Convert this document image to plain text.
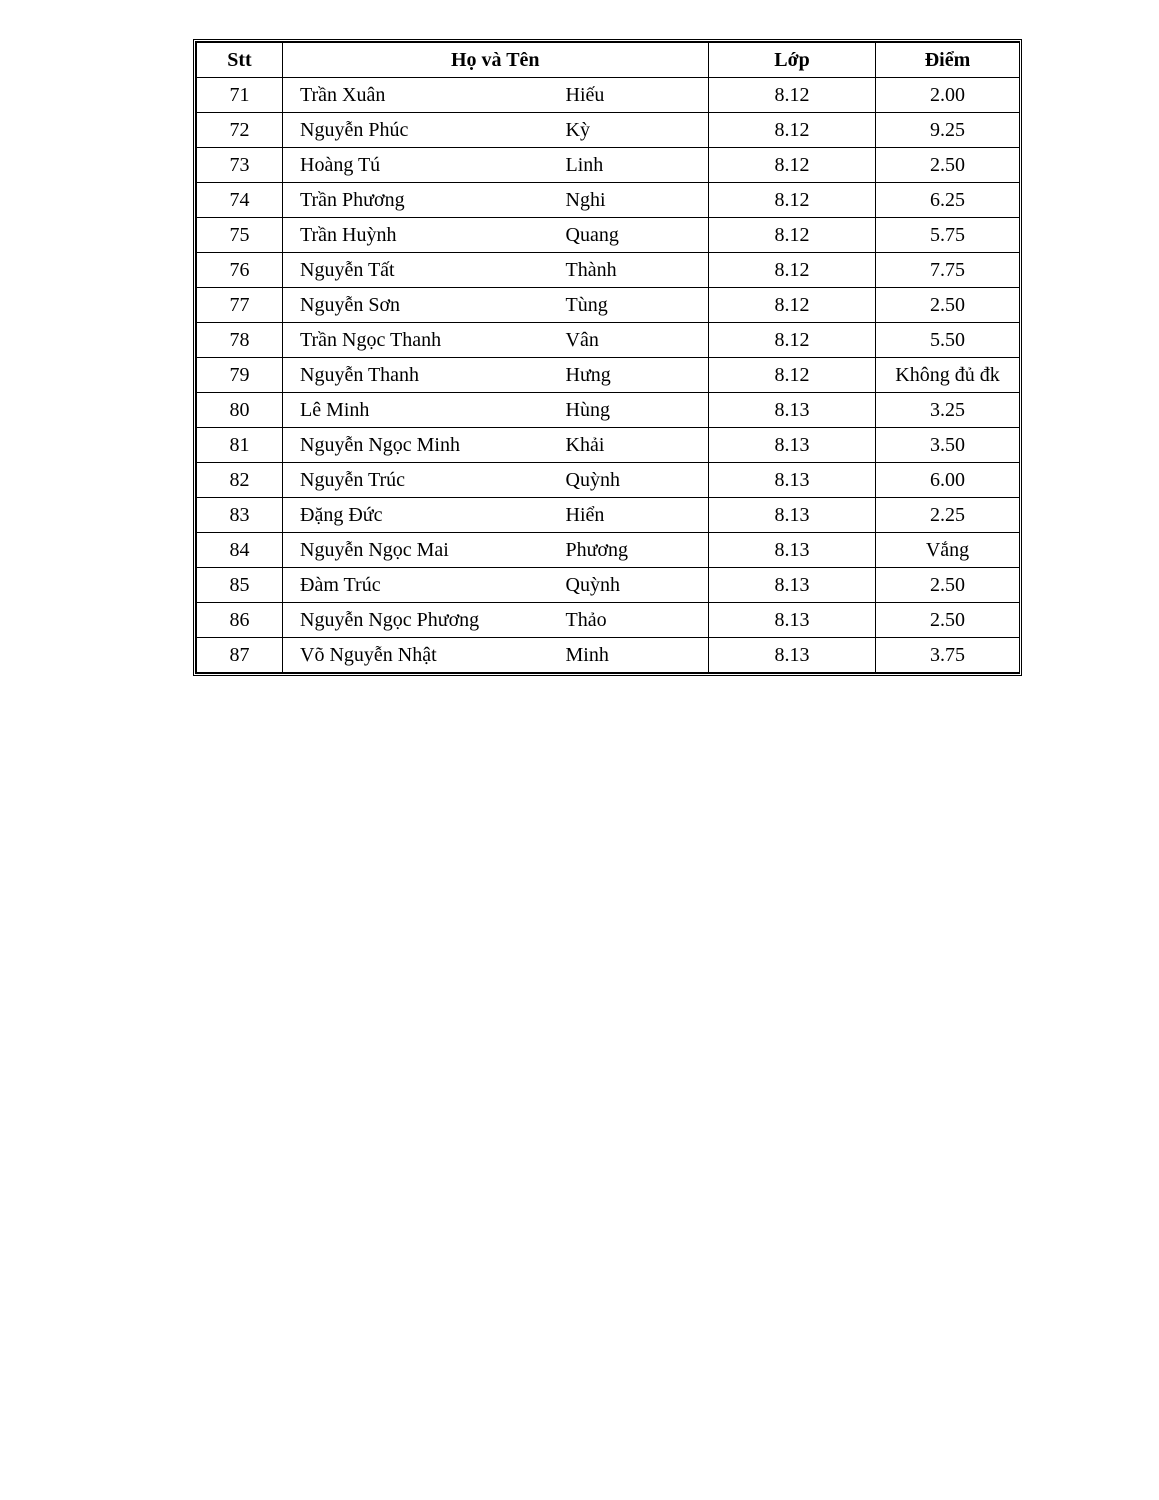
Stt	Họ và Tên		Lớp	Điểm
71	Trần Xuân	Hiếu	8.12	2.00
72	Nguyễn Phúc	Kỳ	8.12	9.25
73	Hoàng Tú	Linh	8.12	2.50
74	Trần Phương	Nghi	8.12	6.25
75	Trần Huỳnh	Quang	8.12	5.75
76	Nguyễn Tất	Thành	8.12	7.75
77	Nguyễn Sơn	Tùng	8.12	2.50
78	Trần Ngọc Thanh	Vân	8.12	5.50
79	Nguyễn Thanh	Hưng	8.12	Không đủ đk
80	Lê Minh	Hùng	8.13	3.25
81	Nguyễn Ngọc Minh	Khải	8.13	3.50
82	Nguyễn Trúc	Quỳnh	8.13	6.00
83	Đặng Đức	Hiển	8.13	2.25
84	Nguyễn Ngọc Mai	Phương	8.13	Vắng
85	Đàm Trúc	Quỳnh	8.13	2.50
86	Nguyễn Ngọc Phương	Thảo	8.13	2.50
87	Võ Nguyễn Nhật	Minh	8.13	3.75
